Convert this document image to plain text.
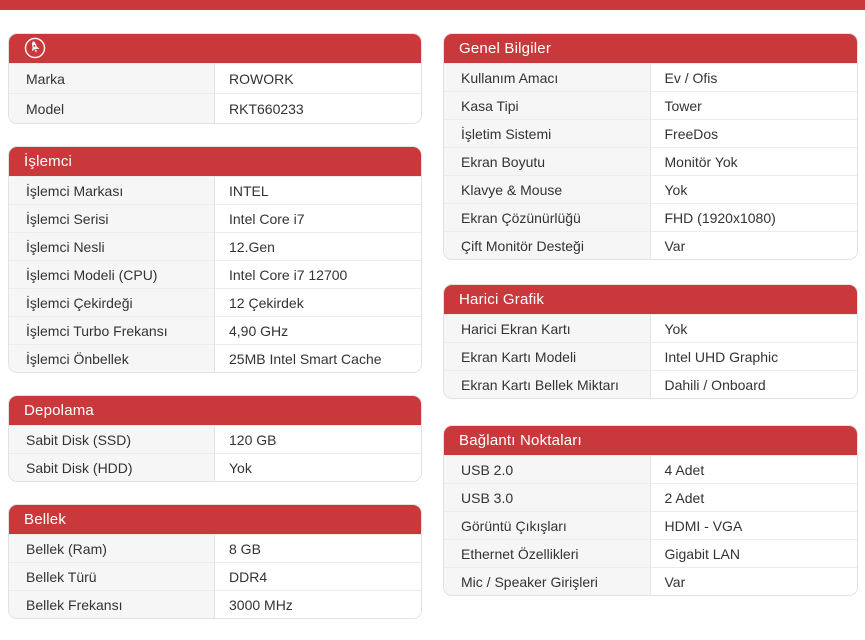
Marka	ROWORK
Model	RKT660233
İşlemci
İşlemci Markası	INTEL
İşlemci Serisi	Intel Core i7
İşlemci Nesli	12.Gen
İşlemci Modeli (CPU)	Intel Core i7 12700
İşlemci Çekirdeği	12 Çekirdek
İşlemci Turbo Frekansı	4,90 GHz
İşlemci Önbellek	25MB Intel Smart Cache
Depolama
Sabit Disk (SSD)	120 GB
Sabit Disk (HDD)	Yok
Bellek
Bellek (Ram)	8 GB
Bellek Türü	DDR4
Bellek Frekansı	3000 MHz
Genel Bilgiler
Kullanım Amacı	Ev / Ofis
Kasa Tipi	Tower
İşletim Sistemi	FreeDos
Ekran Boyutu	Monitör Yok
Klavye & Mouse	Yok
Ekran Çözünürlüğü	FHD (1920x1080)
Çift Monitör Desteği	Var
Harici Grafik
Harici Ekran Kartı	Yok
Ekran Kartı Modeli	Intel UHD Graphic
Ekran Kartı Bellek Miktarı	Dahili / Onboard
Bağlantı Noktaları
USB 2.0	4 Adet
USB 3.0	2 Adet
Görüntü Çıkışları	HDMI - VGA
Ethernet Özellikleri	Gigabit LAN
Mic / Speaker Girişleri	Var
